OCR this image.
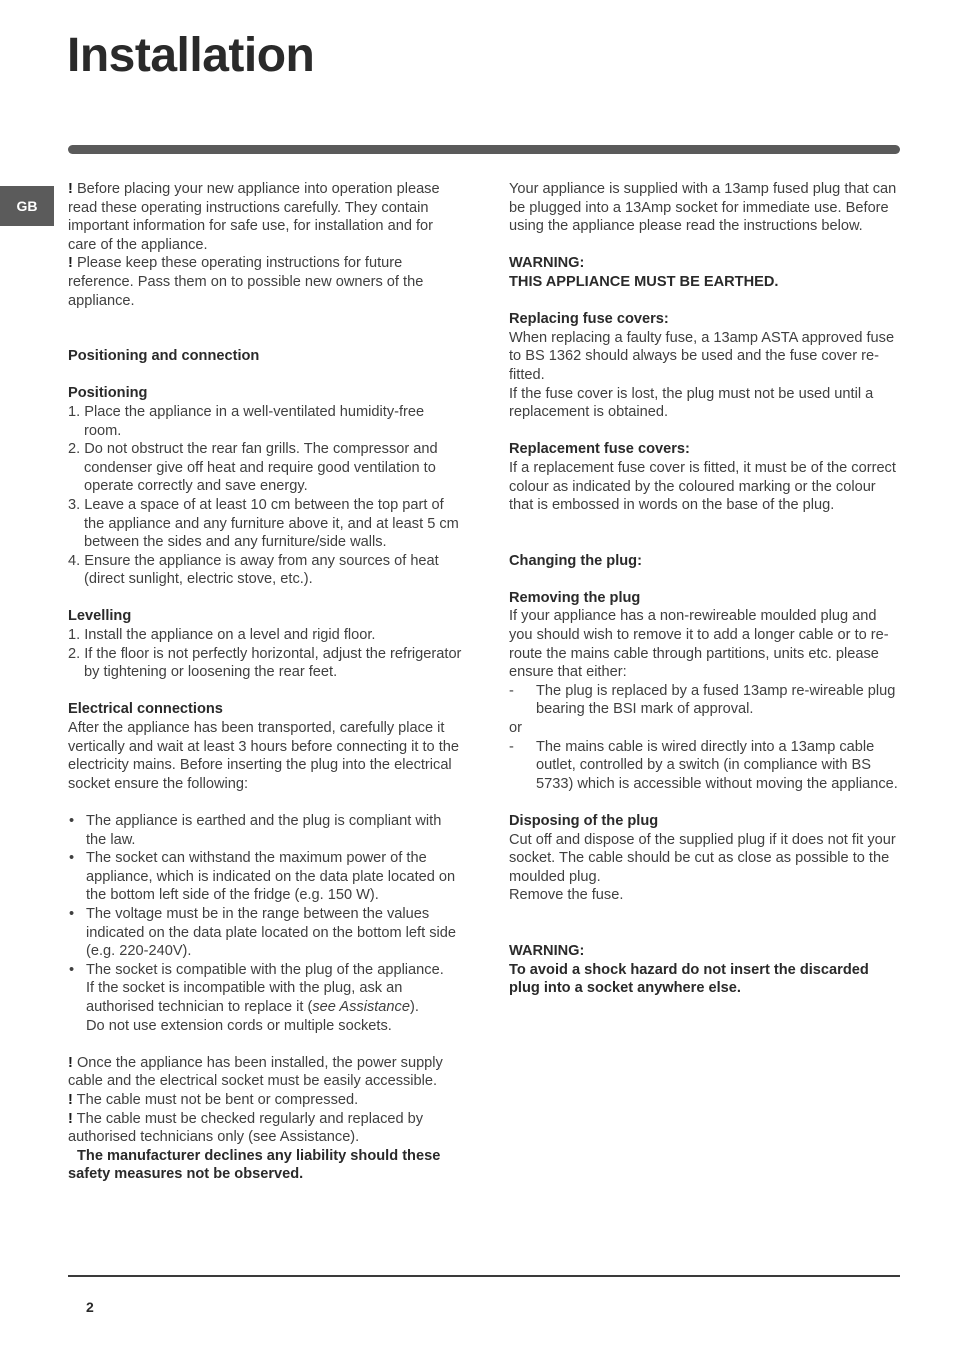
Installation
GB

! Before placing your new appliance into operation please read these operating instructions carefully. They contain important information for safe use, for installation and for care of the appliance.

! Please keep these operating instructions for future reference. Pass them on to possible new owners of the appliance.

Positioning and connection
Positioning
1. Place the appliance in a well-ventilated humidity-free room.
2. Do not obstruct the rear fan grills. The compressor and condenser give off heat and require good ventilation to operate correctly and save energy.
3. Leave a space of at least 10 cm between the top part of the appliance and any furniture above it, and at least 5 cm between the sides and any furniture/side walls.
4. Ensure the appliance is away from any sources of heat (direct sunlight, electric stove, etc.).
Levelling
1. Install the appliance on a level and rigid floor.
2. If the floor is not perfectly horizontal, adjust the refrigerator by tightening or loosening the rear feet.
Electrical connections

After the appliance has been transported, carefully place it vertically and wait at least 3 hours before connecting it to the electricity mains. Before inserting the plug into the electrical socket ensure the following:

• The appliance is earthed and the plug is compliant with the law.
• The socket can withstand the maximum power of the appliance, which is indicated on the data plate located on the bottom left side of the fridge (e.g. 150 W).
• The voltage must be in the range between the values indicated on the data plate located on the bottom left side (e.g. 220-240V).
• The socket is compatible with the plug of the appliance.
If the socket is incompatible with the plug, ask an authorised technician to replace it (see Assistance).
Do not use extension cords or multiple sockets.

! Once the appliance has been installed, the power supply cable and the electrical socket must be easily accessible.

! The cable must not be bent or compressed.

! The cable must be checked regularly and replaced by authorised technicians only (see Assistance).

The manufacturer declines any liability should these safety measures not be observed.

Your appliance is supplied with a 13amp fused plug that can be plugged into a 13Amp socket for immediate use. Before using the appliance please read the instructions below.

WARNING:

THIS APPLIANCE MUST BE EARTHED.

Replacing fuse covers:

When replacing a faulty fuse, a 13amp ASTA approved fuse to BS 1362 should always be used and the fuse cover re-fitted.

If the fuse cover is lost, the plug must not be used until a replacement is obtained.

Replacement fuse covers:

If a replacement fuse cover is fitted, it must be of the correct colour as indicated by the coloured marking or the colour that is embossed in words on the base of the plug.

Changing the plug:
Removing the plug

If your appliance has a non-rewireable moulded plug and you should wish to remove it to add a longer cable or to re-route the mains cable through partitions, units etc. please ensure that either:

- The plug is replaced by a fused 13amp re-wireable plug bearing the BSI mark of approval.

or

- The mains cable is wired directly into a 13amp cable outlet, controlled by a switch (in compliance with BS 5733) which is accessible without moving the appliance.
Disposing of the plug

Cut off and dispose of the supplied plug if it does not fit your socket. The cable should be cut as close as possible to the moulded plug.

Remove the fuse.

WARNING:

To avoid a shock hazard do not insert the discarded plug into a socket anywhere else.

2
